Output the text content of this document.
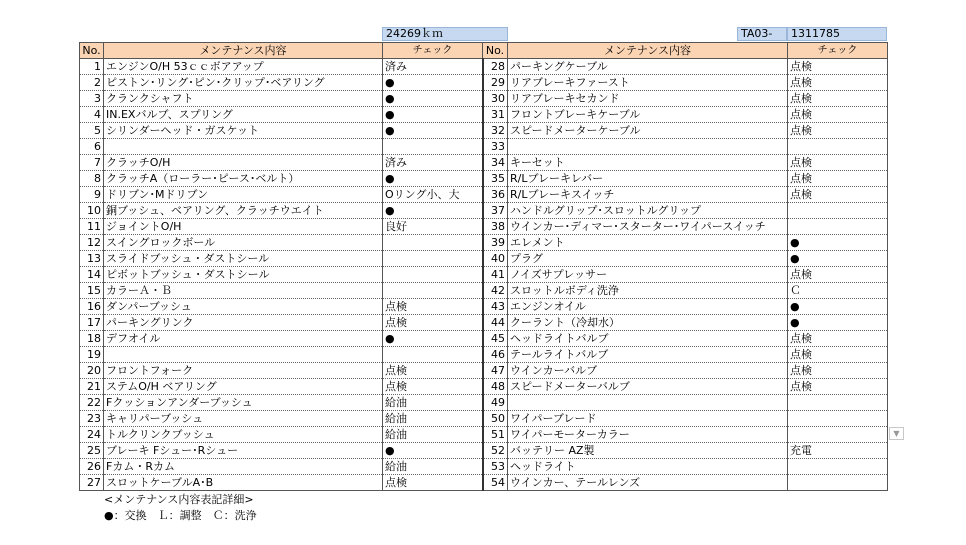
24269ｋｍ	TA03-	1311785
No.	メンテナンス内容	チェック	No.	メンテナンス内容	チェック
1	エンジンO/H 53ｃｃボアアップ	済み	28	パーキングケーブル	点検
2	ピストン･リング･ピン･クリップ･ベアリング	●	29	リアブレーキファースト	点検
3	クランクシャフト	●	30	リアブレーキセカンド	点検
4	IN.EXバルブ、スプリング	●	31	フロントブレーキケーブル	点検
5	シリンダーヘッド・ガスケット	●	32	スピードメーターケーブル	点検
6			33		
7	クラッチO/H	済み	34	キーセット	点検
8	クラッチA（ローラー･ピース･ベルト）	●	35	R/Lブレーキレバー	点検
9	ドリブン･Mドリブン	Oリング小、大	36	R/Lブレーキスイッチ	点検
10	銅ブッシュ、ベアリング、クラッチウエイト	●	37	ハンドルグリップ･スロットルグリップ	
11	ジョイントO/H	良好	38	ウインカー･ディマー･スターター･ワイパースイッチ	
12	スイングロックボール		39	エレメント	●
13	スライドブッシュ・ダストシール		40	プラグ	●
14	ピボットブッシュ・ダストシール		41	ノイズサプレッサー	点検
15	カラーＡ・Ｂ		42	スロットルボディ洗浄	Ｃ
16	ダンパーブッシュ	点検	43	エンジンオイル	●
17	パーキングリンク	点検	44	クーラント（冷却水）	●
18	デフオイル	●	45	ヘッドライトバルブ	点検
19			46	テールライトバルブ	点検
20	フロントフォーク	点検	47	ウインカーバルブ	点検
21	ステムO/H ベアリング	点検	48	スピードメーターバルブ	点検
22	Fクッションアンダーブッシュ	給油	49		
23	キャリパーブッシュ	給油	50	ワイパーブレード	
24	トルクリンクブッシュ	給油	51	ワイパーモーターカラー	
25	ブレーキ Fシュー･Rシュー	●	52	バッテリー AZ製	充電
26	Fカム・Rカム	給油	53	ヘッドライト	
27	スロットケーブルA･B	点検	54	ウインカー、テールレンズ	
▼
<メンテナンス内容表記詳細>
●：交換　Ｌ：調整　Ｃ：洗浄
